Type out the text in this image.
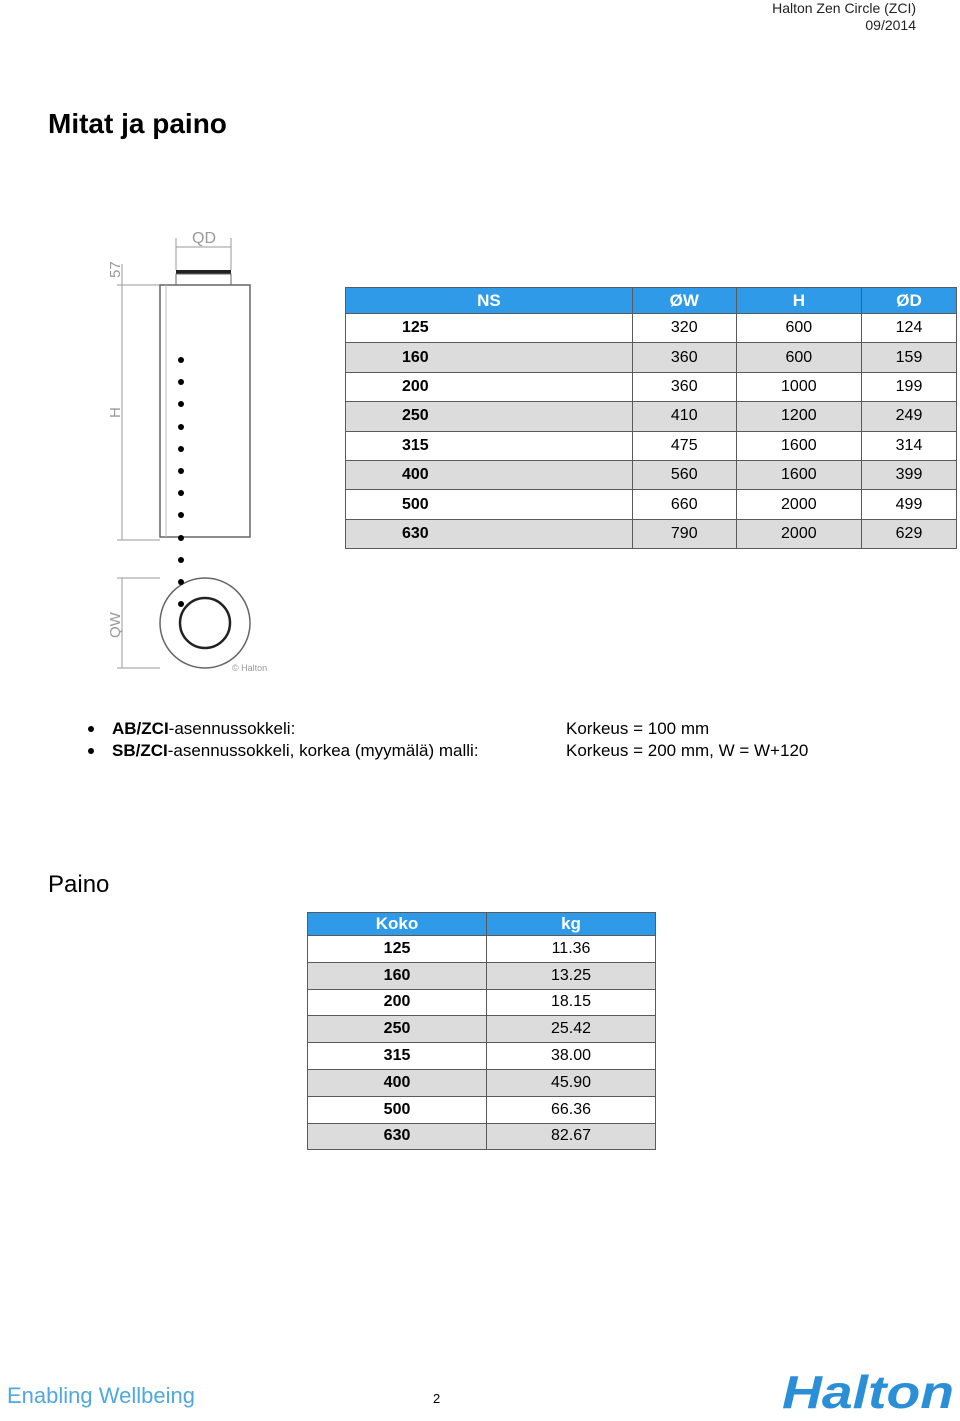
Halton Zen Circle (ZCI)
09/2014
Mitat ja paino
QD
57
H
QW
© Halton
NS	ØW	H	ØD
125	320	600	124
160	360	600	159
200	360	1000	199
250	410	1200	249
315	475	1600	314
400	560	1600	399
500	660	2000	499
630	790	2000	629
AB/ZCI-asennussokkeli:	Korkeus = 100 mm
SB/ZCI-asennussokkeli, korkea (myymälä) malli:	Korkeus = 200 mm, W = W+120
Paino
Koko	kg
125	11.36
160	13.25
200	18.15
250	25.42
315	38.00
400	45.90
500	66.36
630	82.67
Enabling Wellbeing	2	Halton
